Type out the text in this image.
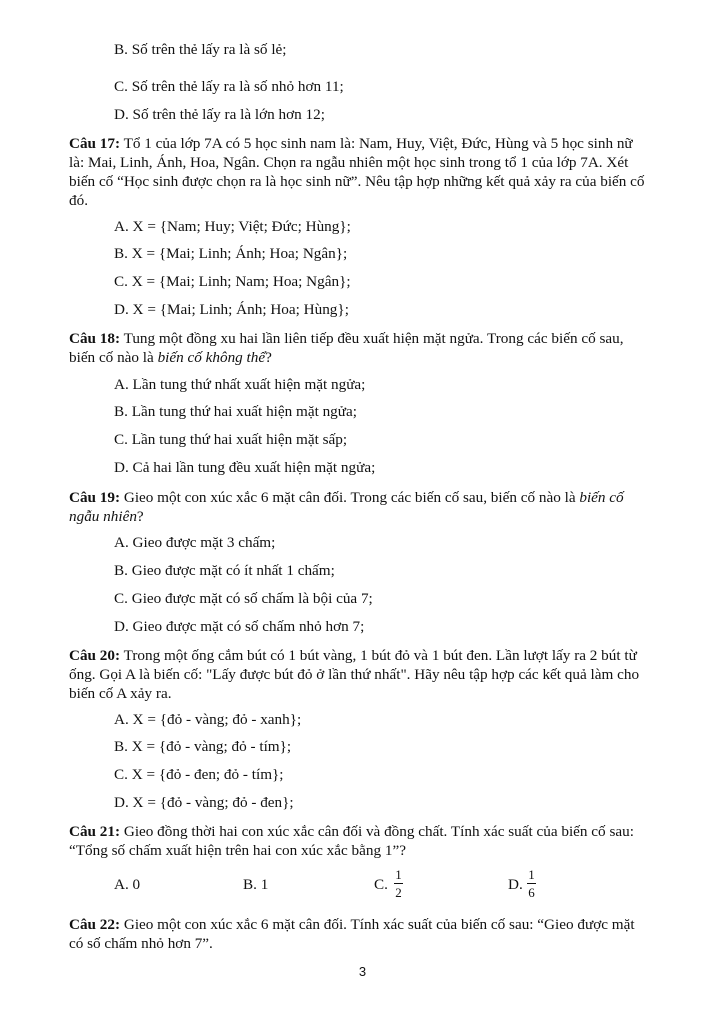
B. Số trên thẻ lấy ra là số lẻ;
C. Số trên thẻ lấy ra là số nhỏ hơn 11;
D. Số trên thẻ lấy ra là lớn hơn 12;
Câu 17: Tổ 1 của lớp 7A có 5 học sinh nam là: Nam, Huy, Việt, Đức, Hùng và 5 học sinh nữ
là: Mai, Linh, Ánh, Hoa, Ngân. Chọn ra ngẫu nhiên một học sinh trong tổ 1 của lớp 7A. Xét
biến cố “Học sinh được chọn ra là học sinh nữ”. Nêu tập hợp những kết quả xảy ra của biến cố
đó.
A. X = {Nam; Huy; Việt; Đức; Hùng};
B. X = {Mai; Linh; Ánh; Hoa; Ngân};
C. X = {Mai; Linh; Nam; Hoa; Ngân};
D. X = {Mai; Linh; Ánh; Hoa; Hùng};
Câu 18: Tung một đồng xu hai lần liên tiếp đều xuất hiện mặt ngửa. Trong các biến cố sau,
biến cố nào là biến cố không thể?
A. Lần tung thứ nhất xuất hiện mặt ngửa;
B. Lần tung thứ hai xuất hiện mặt ngửa;
C. Lần tung thứ hai xuất hiện mặt sấp;
D. Cả hai lần tung đều xuất hiện mặt ngửa;
Câu 19: Gieo một con xúc xắc 6 mặt cân đối. Trong các biến cố sau, biến cố nào là biến cố
ngẫu nhiên?
A. Gieo được mặt 3 chấm;
B. Gieo được mặt có ít nhất 1 chấm;
C. Gieo được mặt có số chấm là bội của 7;
D. Gieo được mặt có số chấm nhỏ hơn 7;
Câu 20: Trong một ống cắm bút có 1 bút vàng, 1 bút đỏ và 1 bút đen. Lần lượt lấy ra 2 bút từ
ống. Gọi A là biến cố: "Lấy được bút đỏ ở lần thứ nhất". Hãy nêu tập hợp các kết quả làm cho
biến cố A xảy ra.
A. X = {đỏ - vàng; đỏ - xanh};
B. X = {đỏ - vàng; đỏ - tím};
C. X = {đỏ - đen; đỏ - tím};
D. X = {đỏ - vàng; đỏ - đen};
Câu 21: Gieo đồng thời hai con xúc xắc cân đối và đồng chất. Tính xác suất của biến cố sau:
“Tổng số chấm xuất hiện trên hai con xúc xắc bằng 1”?
A. 0	B. 1	C.
1
2	D.
1
6
Câu 22: Gieo một con xúc xắc 6 mặt cân đối. Tính xác suất của biến cố sau: “Gieo được mặt
có số chấm nhỏ hơn 7”.
3
